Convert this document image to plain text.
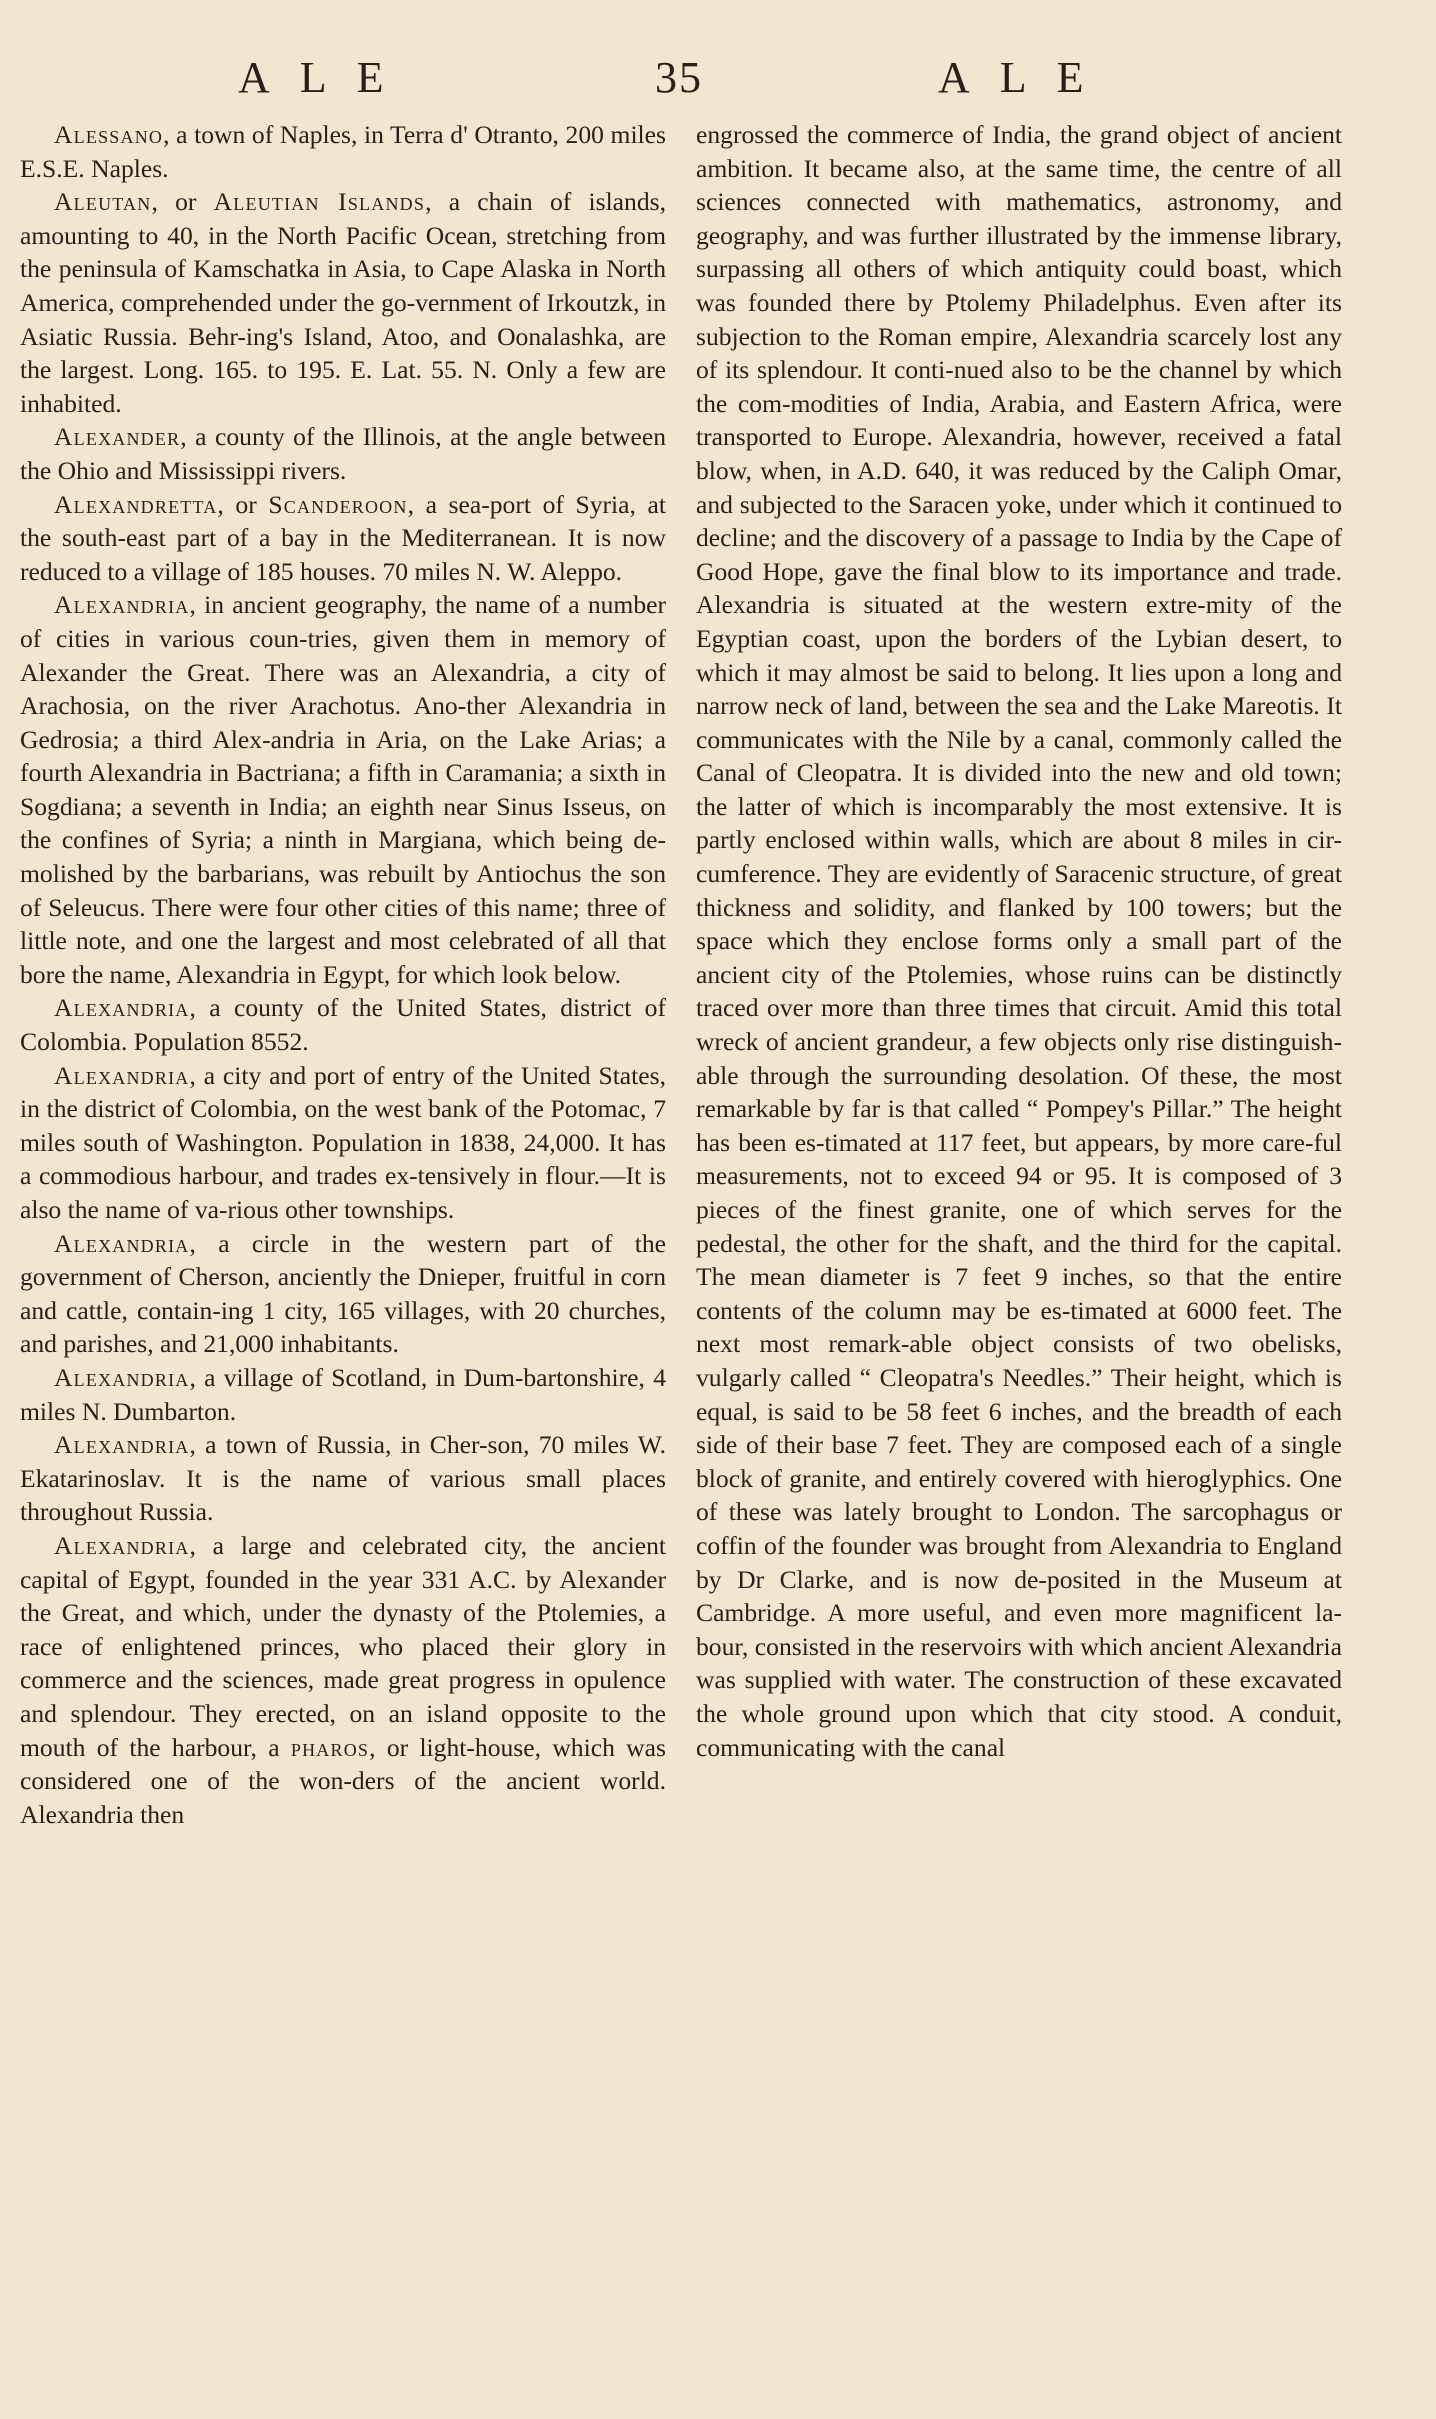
ALE	35	ALE

Alessano, a town of Naples, in Terra d' Otranto, 200 miles E.S.E. Naples.

Aleutan, or Aleutian Islands, a chain of islands, amounting to 40, in the North Pacific Ocean, stretching from the peninsula of Kamschatka in Asia, to Cape Alaska in North America, comprehended under the go-vernment of Irkoutzk, in Asiatic Russia. Behr-ing's Island, Atoo, and Oonalashka, are the largest. Long. 165. to 195. E. Lat. 55. N. Only a few are inhabited.

Alexander, a county of the Illinois, at the angle between the Ohio and Mississippi rivers.

Alexandretta, or Scanderoon, a sea-port of Syria, at the south-east part of a bay in the Mediterranean. It is now reduced to a village of 185 houses. 70 miles N. W. Aleppo.

Alexandria, in ancient geography, the name of a number of cities in various coun-tries, given them in memory of Alexander the Great. There was an Alexandria, a city of Arachosia, on the river Arachotus. Ano-ther Alexandria in Gedrosia; a third Alex-andria in Aria, on the Lake Arias; a fourth Alexandria in Bactriana; a fifth in Caramania; a sixth in Sogdiana; a seventh in India; an eighth near Sinus Isseus, on the confines of Syria; a ninth in Margiana, which being de-molished by the barbarians, was rebuilt by Antiochus the son of Seleucus. There were four other cities of this name; three of little note, and one the largest and most celebrated of all that bore the name, Alexandria in Egypt, for which look below.

Alexandria, a county of the United States, district of Colombia. Population 8552.

Alexandria, a city and port of entry of the United States, in the district of Colombia, on the west bank of the Potomac, 7 miles south of Washington. Population in 1838, 24,000. It has a commodious harbour, and trades ex-tensively in flour.—It is also the name of va-rious other townships.

Alexandria, a circle in the western part of the government of Cherson, anciently the Dnieper, fruitful in corn and cattle, contain-ing 1 city, 165 villages, with 20 churches, and parishes, and 21,000 inhabitants.

Alexandria, a village of Scotland, in Dum-bartonshire, 4 miles N. Dumbarton.

Alexandria, a town of Russia, in Cher-son, 70 miles W. Ekatarinoslav. It is the name of various small places throughout Russia.

Alexandria, a large and celebrated city, the ancient capital of Egypt, founded in the year 331 A.C. by Alexander the Great, and which, under the dynasty of the Ptolemies, a race of enlightened princes, who placed their glory in commerce and the sciences, made great progress in opulence and splendour. They erected, on an island opposite to the mouth of the harbour, a pharos, or light-house, which was considered one of the won-ders of the ancient world. Alexandria then

engrossed the commerce of India, the grand object of ancient ambition. It became also, at the same time, the centre of all sciences connected with mathematics, astronomy, and geography, and was further illustrated by the immense library, surpassing all others of which antiquity could boast, which was founded there by Ptolemy Philadelphus. Even after its subjection to the Roman empire, Alexandria scarcely lost any of its splendour. It conti-nued also to be the channel by which the com-modities of India, Arabia, and Eastern Africa, were transported to Europe. Alexandria, however, received a fatal blow, when, in A.D. 640, it was reduced by the Caliph Omar, and subjected to the Saracen yoke, under which it continued to decline; and the discovery of a passage to India by the Cape of Good Hope, gave the final blow to its importance and trade. Alexandria is situated at the western extre-mity of the Egyptian coast, upon the borders of the Lybian desert, to which it may almost be said to belong. It lies upon a long and narrow neck of land, between the sea and the Lake Mareotis. It communicates with the Nile by a canal, commonly called the Canal of Cleopatra. It is divided into the new and old town; the latter of which is incomparably the most extensive. It is partly enclosed within walls, which are about 8 miles in cir-cumference. They are evidently of Saracenic structure, of great thickness and solidity, and flanked by 100 towers; but the space which they enclose forms only a small part of the ancient city of the Ptolemies, whose ruins can be distinctly traced over more than three times that circuit. Amid this total wreck of ancient grandeur, a few objects only rise distinguish-able through the surrounding desolation. Of these, the most remarkable by far is that called “ Pompey's Pillar.” The height has been es-timated at 117 feet, but appears, by more care-ful measurements, not to exceed 94 or 95. It is composed of 3 pieces of the finest granite, one of which serves for the pedestal, the other for the shaft, and the third for the capital. The mean diameter is 7 feet 9 inches, so that the entire contents of the column may be es-timated at 6000 feet. The next most remark-able object consists of two obelisks, vulgarly called “ Cleopatra's Needles.” Their height, which is equal, is said to be 58 feet 6 inches, and the breadth of each side of their base 7 feet. They are composed each of a single block of granite, and entirely covered with hieroglyphics. One of these was lately brought to London. The sarcophagus or coffin of the founder was brought from Alexandria to England by Dr Clarke, and is now de-posited in the Museum at Cambridge. A more useful, and even more magnificent la-bour, consisted in the reservoirs with which ancient Alexandria was supplied with water. The construction of these excavated the whole ground upon which that city stood. A conduit, communicating with the canal
